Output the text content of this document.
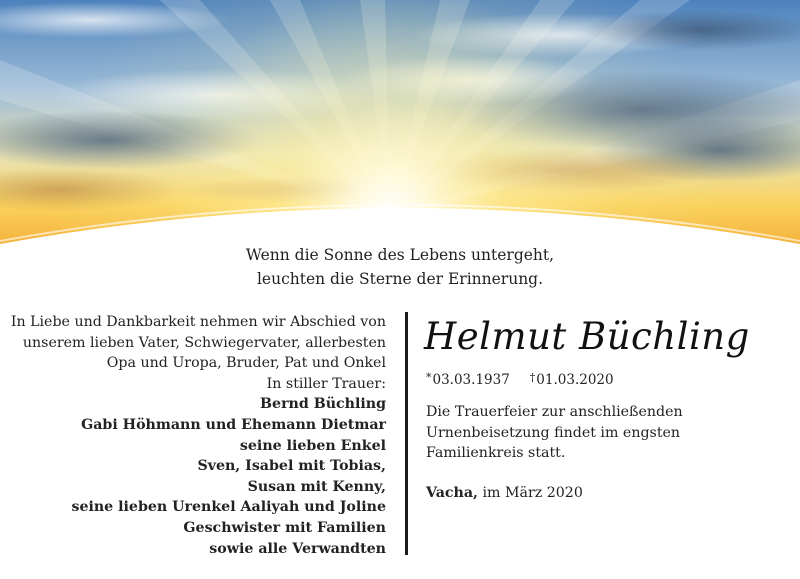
Wenn die Sonne des Lebens untergeht,
leuchten die Sterne der Erinnerung.
In Liebe und Dankbarkeit nehmen wir Abschied von
unserem lieben Vater, Schwiegervater, allerbesten
Opa und Uropa, Bruder, Pat und Onkel
In stiller Trauer:
Bernd Büchling
Gabi Höhmann und Ehemann Dietmar
seine lieben Enkel
Sven, Isabel mit Tobias,
Susan mit Kenny,
seine lieben Urenkel Aaliyah und Joline
Geschwister mit Familien
sowie alle Verwandten
Helmut Büchling
*03.03.1937 †01.03.2020
Die Trauerfeier zur anschließenden
Urnenbeisetzung findet im engsten
Familienkreis statt.
Vacha, im März 2020
